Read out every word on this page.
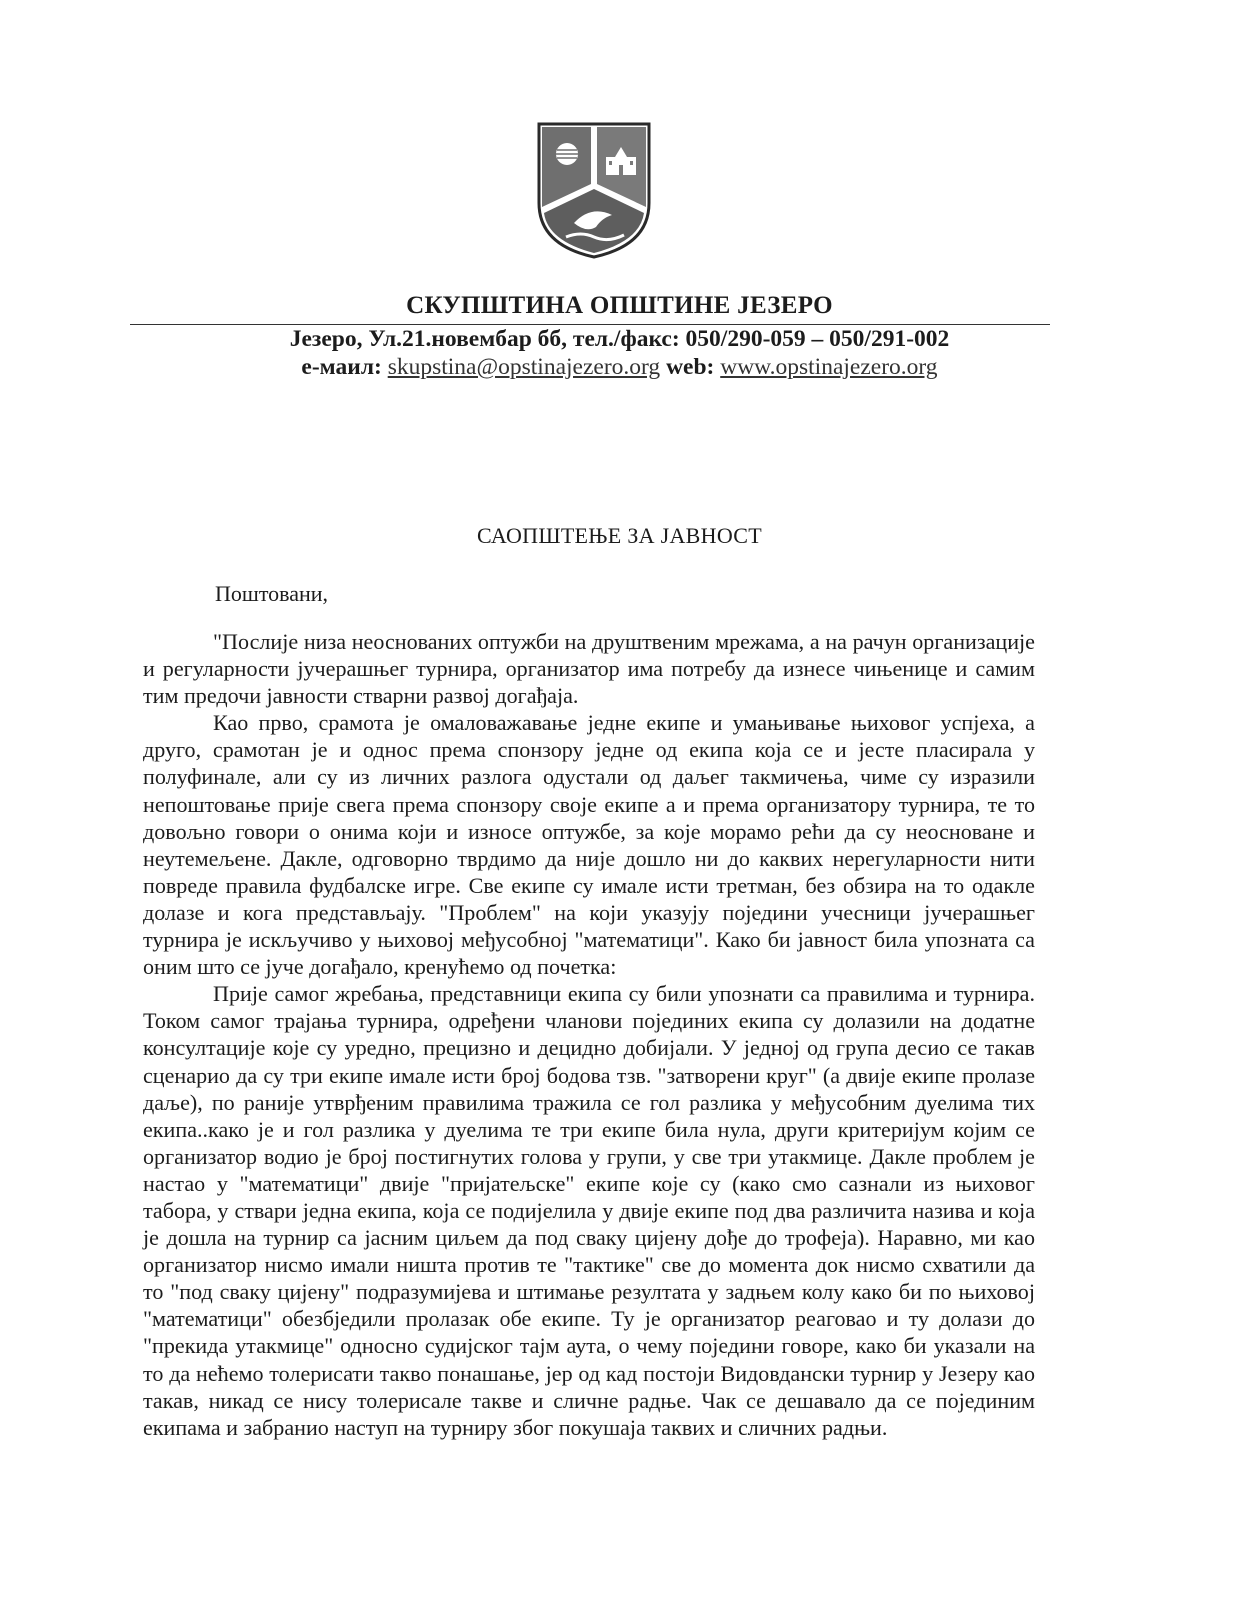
СКУПШТИНА ОПШТИНЕ ЈЕЗЕРО
Језеро, Ул.21.новембар бб, тел./факс: 050/290-059 – 050/291-002
е-маил: skupstina@opstinajezero.org web: www.opstinajezero.org
САОПШТЕЊЕ ЗА ЈАВНОСТ
Поштовани,

"Послије низа неоснованих оптужби на друштвеним мрежама, а на рачун организације и регуларности јучерашњег турнира, организатор има потребу да изнесе чињенице и самим тим предочи јавности стварни развој догађаја.

Као прво, срамота је омаловажавање једне екипе и умањивање њиховог успјеха, а друго, срамотан је и однос према спонзору једне од екипа која се и јесте пласирала у полуфинале, али су из личних разлога одустали од даљег такмичења, чиме су изразили непоштовање прије свега према спонзору своје екипе а и према организатору турнира, те то довољно говори о онима који и износе оптужбе, за које морамо рећи да су неосноване и неутемељене. Дакле, одговорно тврдимо да није дошло ни до каквих нерегуларности нити повреде правила фудбалске игре. Све екипе су имале исти третман, без обзира на то одакле долазе и кога представљају. "Проблем" на који указују поједини учесници јучерашњег турнира је искључиво у њиховој међусобној "математици". Како би јавност била упозната са оним што се јуче догађало, кренућемо од почетка:

Прије самог жребања, представници екипа су били упознати са правилима и турнира. Током самог трајања турнира, одређени чланови појединих екипа су долазили на додатне консултације које су уредно, прецизно и децидно добијали. У једној од група десио се такав сценарио да су три екипе имале исти број бодова тзв. "затворени круг" (а двије екипе пролазе даље), по раније утврђеним правилима тражила се гол разлика у међусобним дуелима тих екипа..како је и гол разлика у дуелима те три екипе била нула, други критеријум којим се организатор водио је број постигнутих голова у групи, у све три утакмице. Дакле проблем је настао у "математици" двије "пријатељске" екипе које су (како смо сазнали из њиховог табора, у ствари једна екипа, која се подијелила у двије екипе под два различита назива и која је дошла на турнир са јасним циљем да под сваку цијену дође до трофеја). Наравно, ми као организатор нисмо имали ништа против те "тактике" све до момента док нисмо схватили да то "под сваку цијену" подразумијева и штимање резултата у задњем колу како би по њиховој "математици" обезбједили пролазак обе екипе. Ту је организатор реаговао и ту долази до "прекида утакмице" односно судијског тајм аута, о чему поједини говоре, како би указали на то да нећемо толерисати такво понашање, јер од кад постоји Видовдански турнир у Језеру као такав, никад се нису толерисале такве и сличне радње. Чак се дешавало да се појединим екипама и забранио наступ на турниру због покушаја таквих и сличних радњи.
